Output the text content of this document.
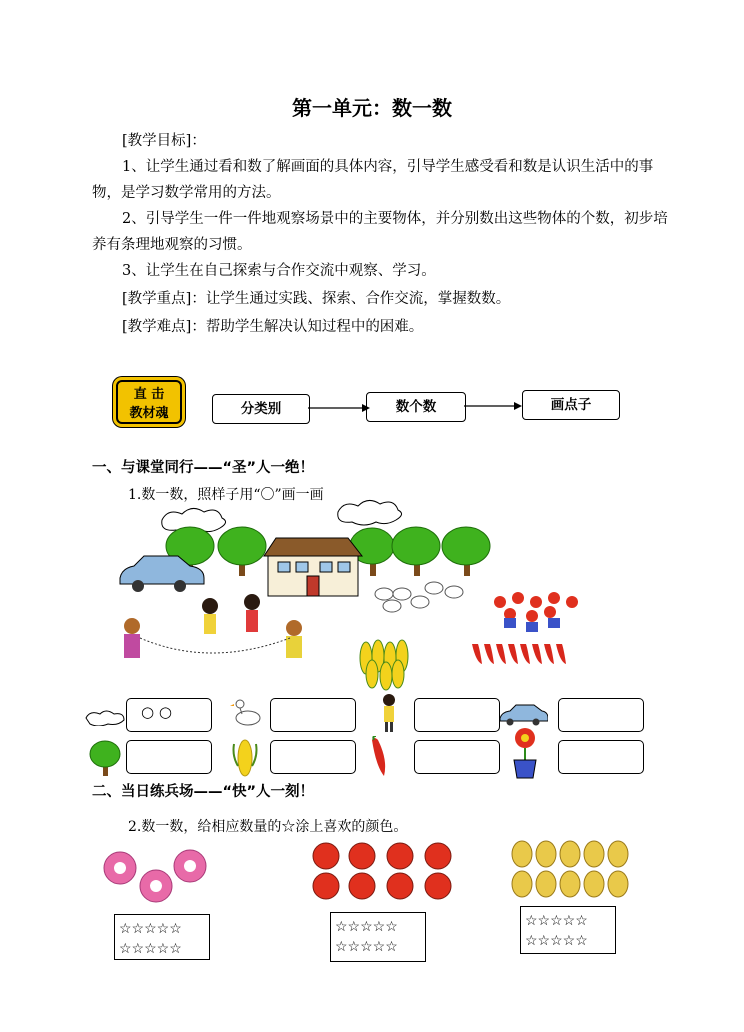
第一单元：数一数
[教学目标]：
1、让学生通过看和数了解画面的具体内容，引导学生感受看和数是认识生活中的事物，是学习数学常用的方法。
2、引导学生一件一件地观察场景中的主要物体，并分别数出这些物体的个数，初步培养有条理地观察的习惯。
3、让学生在自己探索与合作交流中观察、学习。
[教学重点]：让学生通过实践、探索、合作交流，掌握数数。
[教学难点]：帮助学生解决认知过程中的困难。
直 击
教材魂	分类别	数个数	画点子
一、与课堂同行——“圣”人一绝！
1.数一数，照样子用“〇”画一画
○ ○
二、当日练兵场——“快”人一刻！
2.数一数，给相应数量的☆涂上喜欢的颜色。
☆☆☆☆☆
☆☆☆☆☆
☆☆☆☆☆
☆☆☆☆☆
☆☆☆☆☆
☆☆☆☆☆
